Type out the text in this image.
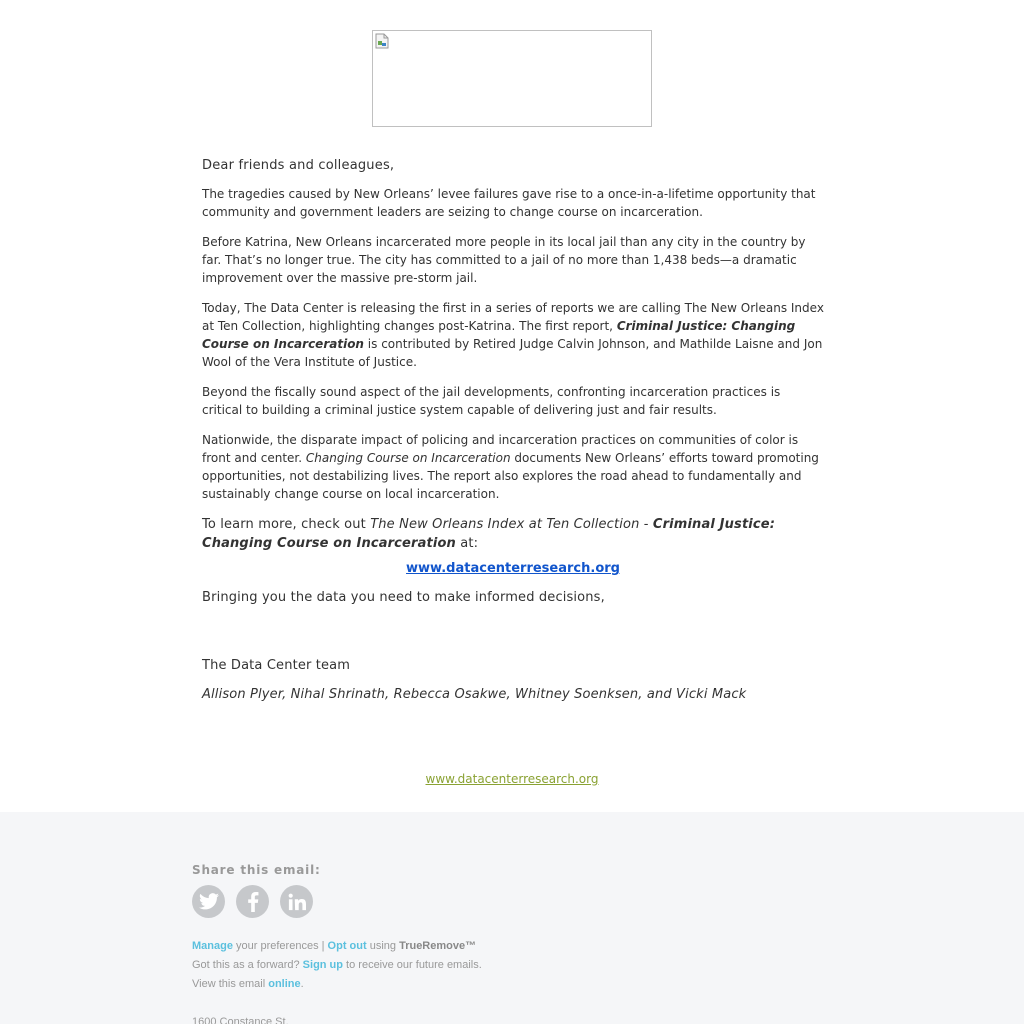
Dear friends and colleagues,

The tragedies caused by New Orleans’ levee failures gave rise to a once-in-a-lifetime opportunity that community and government leaders are seizing to change course on incarceration.

Before Katrina, New Orleans incarcerated more people in its local jail than any city in the country by far. That’s no longer true. The city has committed to a jail of no more than 1,438 beds—a dramatic improvement over the massive pre-storm jail.

Today, The Data Center is releasing the first in a series of reports we are calling The New Orleans Index at Ten Collection, highlighting changes post-Katrina. The first report, Criminal Justice: Changing Course on Incarceration is contributed by Retired Judge Calvin Johnson, and Mathilde Laisne and Jon Wool of the Vera Institute of Justice.

Beyond the fiscally sound aspect of the jail developments, confronting incarceration practices is critical to building a criminal justice system capable of delivering just and fair results.

Nationwide, the disparate impact of policing and incarceration practices on communities of color is front and center. Changing Course on Incarceration documents New Orleans’ efforts toward promoting opportunities, not destabilizing lives. The report also explores the road ahead to fundamentally and sustainably change course on local incarceration.

To learn more, check out The New Orleans Index at Ten Collection - Criminal Justice: Changing Course on Incarceration at:

www.datacenterresearch.org

Bringing you the data you need to make informed decisions,

The Data Center team

Allison Plyer, Nihal Shrinath, Rebecca Osakwe, Whitney Soenksen, and Vicki Mack

www.datacenterresearch.org
Share this email:
Manage your preferences | Opt out using TrueRemove™
Got this as a forward? Sign up to receive our future emails.
View this email online.
1600 Constance St.
